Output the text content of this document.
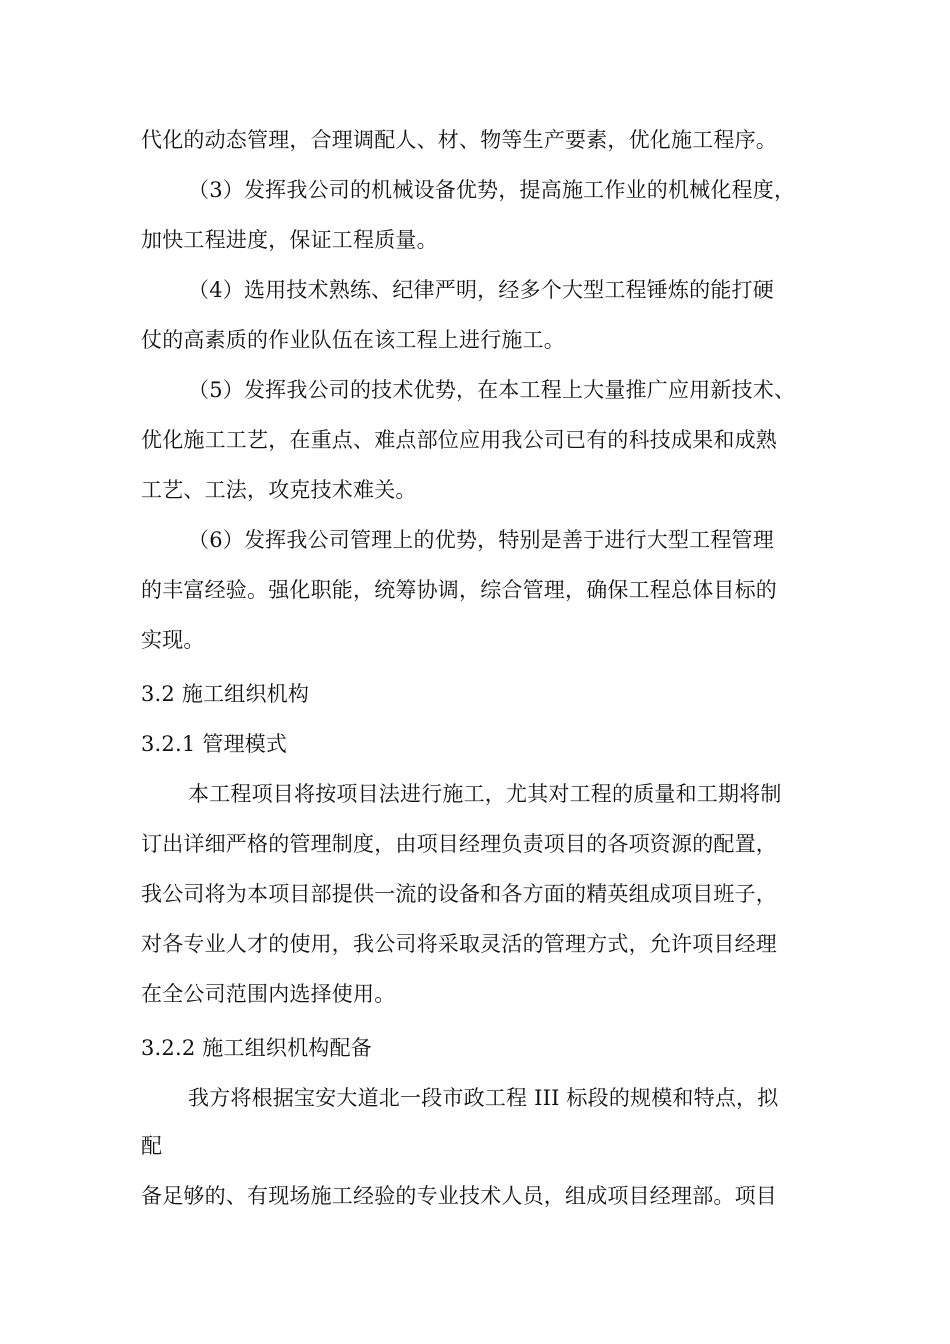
代化的动态管理，合理调配人、材、物等生产要素，优化施工程序。
（3）发挥我公司的机械设备优势，提高施工作业的机械化程度，
加快工程进度，保证工程质量。
（4）选用技术熟练、纪律严明，经多个大型工程锤炼的能打硬
仗的高素质的作业队伍在该工程上进行施工。
（5）发挥我公司的技术优势，在本工程上大量推广应用新技术、
优化施工工艺，在重点、难点部位应用我公司已有的科技成果和成熟
工艺、工法，攻克技术难关。
（6）发挥我公司管理上的优势，特别是善于进行大型工程管理
的丰富经验。强化职能，统筹协调，综合管理，确保工程总体目标的
实现。
3.2 施工组织机构
3.2.1 管理模式
本工程项目将按项目法进行施工，尤其对工程的质量和工期将制
订出详细严格的管理制度，由项目经理负责项目的各项资源的配置，
我公司将为本项目部提供一流的设备和各方面的精英组成项目班子，
对各专业人才的使用，我公司将采取灵活的管理方式，允许项目经理
在全公司范围内选择使用。
3.2.2 施工组织机构配备
我方将根据宝安大道北一段市政工程 III 标段的规模和特点，拟
配
备足够的、有现场施工经验的专业技术人员，组成项目经理部。项目
